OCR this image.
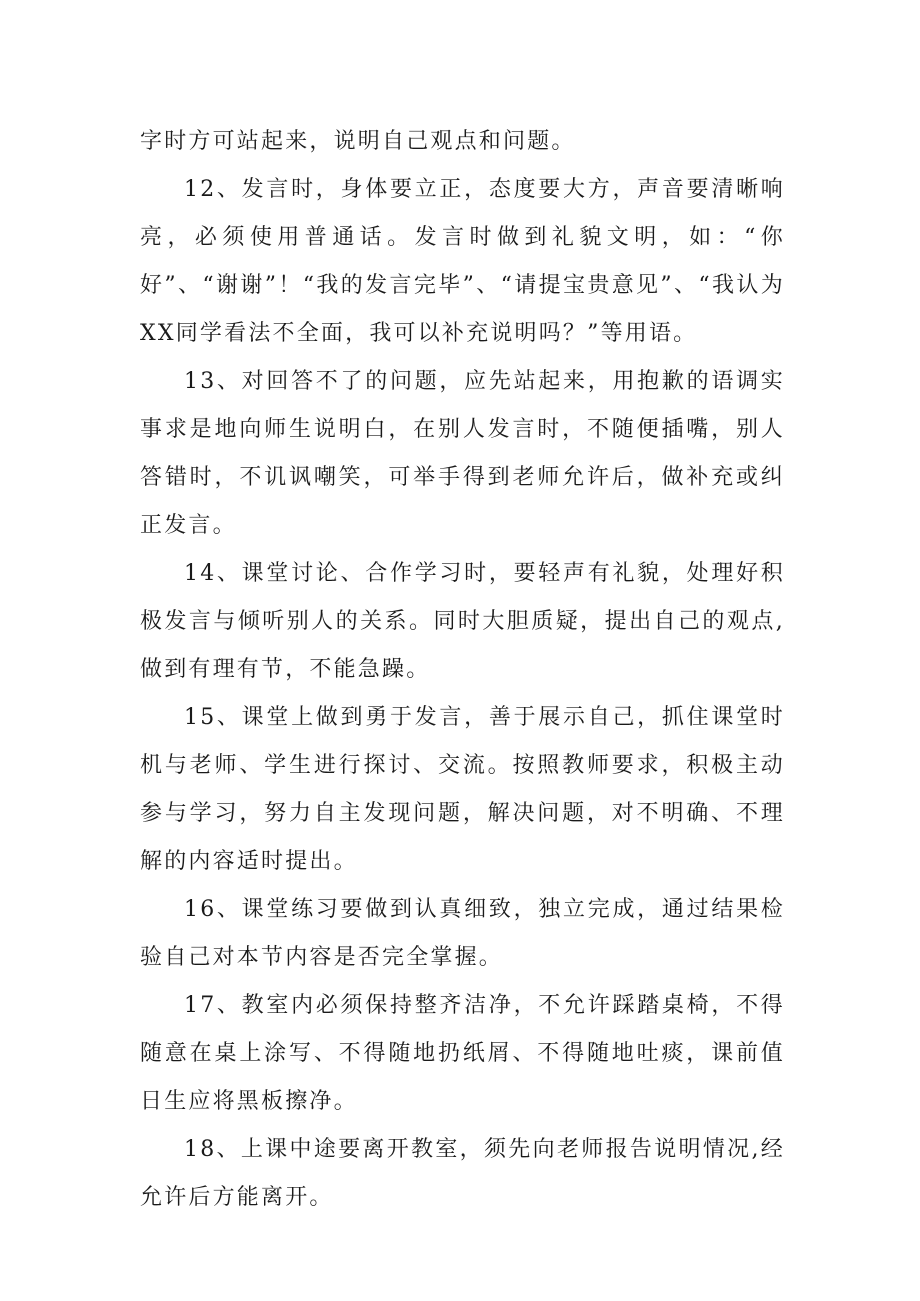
字时方可站起来，说明自己观点和问题。

12、发言时，身体要立正，态度要大方，声音要清晰响亮，必须使用普通话。发言时做到礼貌文明，如：“你好”、“谢谢”！“我的发言完毕”、“请提宝贵意见”、“我认为XX同学看法不全面，我可以补充说明吗？”等用语。

13、对回答不了的问题，应先站起来，用抱歉的语调实事求是地向师生说明白，在别人发言时，不随便插嘴，别人答错时，不讥讽嘲笑，可举手得到老师允许后，做补充或纠正发言。

14、课堂讨论、合作学习时，要轻声有礼貌，处理好积极发言与倾听别人的关系。同时大胆质疑，提出自己的观点,做到有理有节，不能急躁。

15、课堂上做到勇于发言，善于展示自己，抓住课堂时机与老师、学生进行探讨、交流。按照教师要求，积极主动参与学习，努力自主发现问题，解决问题，对不明确、不理解的内容适时提出。

16、课堂练习要做到认真细致，独立完成，通过结果检验自己对本节内容是否完全掌握。

17、教室内必须保持整齐洁净，不允许踩踏桌椅，不得随意在桌上涂写、不得随地扔纸屑、不得随地吐痰，课前值日生应将黑板擦净。

18、上课中途要离开教室，须先向老师报告说明情况,经允许后方能离开。
